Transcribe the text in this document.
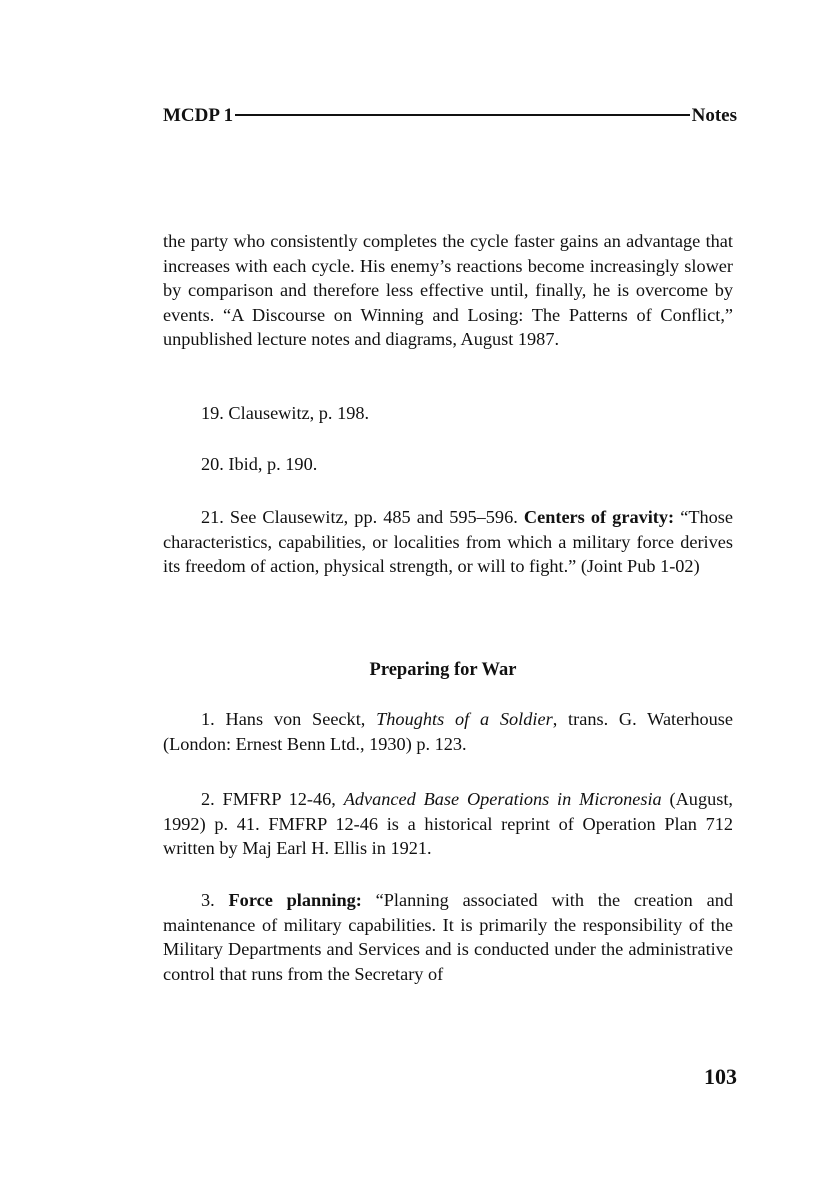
MCDP 1	Notes

the party who consistently completes the cycle faster gains an advantage that increases with each cycle. His enemy’s reactions become increasingly slower by comparison and therefore less effective until, finally, he is overcome by events. “A Discourse on Winning and Losing: The Patterns of Conflict,” unpublished lecture notes and diagrams, August 1987.

19. Clausewitz, p. 198.

20. Ibid, p. 190.

21. See Clausewitz, pp. 485 and 595–596. Centers of gravity: “Those characteristics, capabilities, or localities from which a military force derives its freedom of action, physical strength, or will to fight.” (Joint Pub 1-02)

Preparing for War

1. Hans von Seeckt, Thoughts of a Soldier, trans. G. Waterhouse (London: Ernest Benn Ltd., 1930) p. 123.

2. FMFRP 12-46, Advanced Base Operations in Micronesia (August, 1992) p. 41. FMFRP 12-46 is a historical reprint of Operation Plan 712 written by Maj Earl H. Ellis in 1921.

3. Force planning: “Planning associated with the creation and maintenance of military capabilities. It is primarily the responsibility of the Military Departments and Services and is conducted under the administrative control that runs from the Secretary of

103
